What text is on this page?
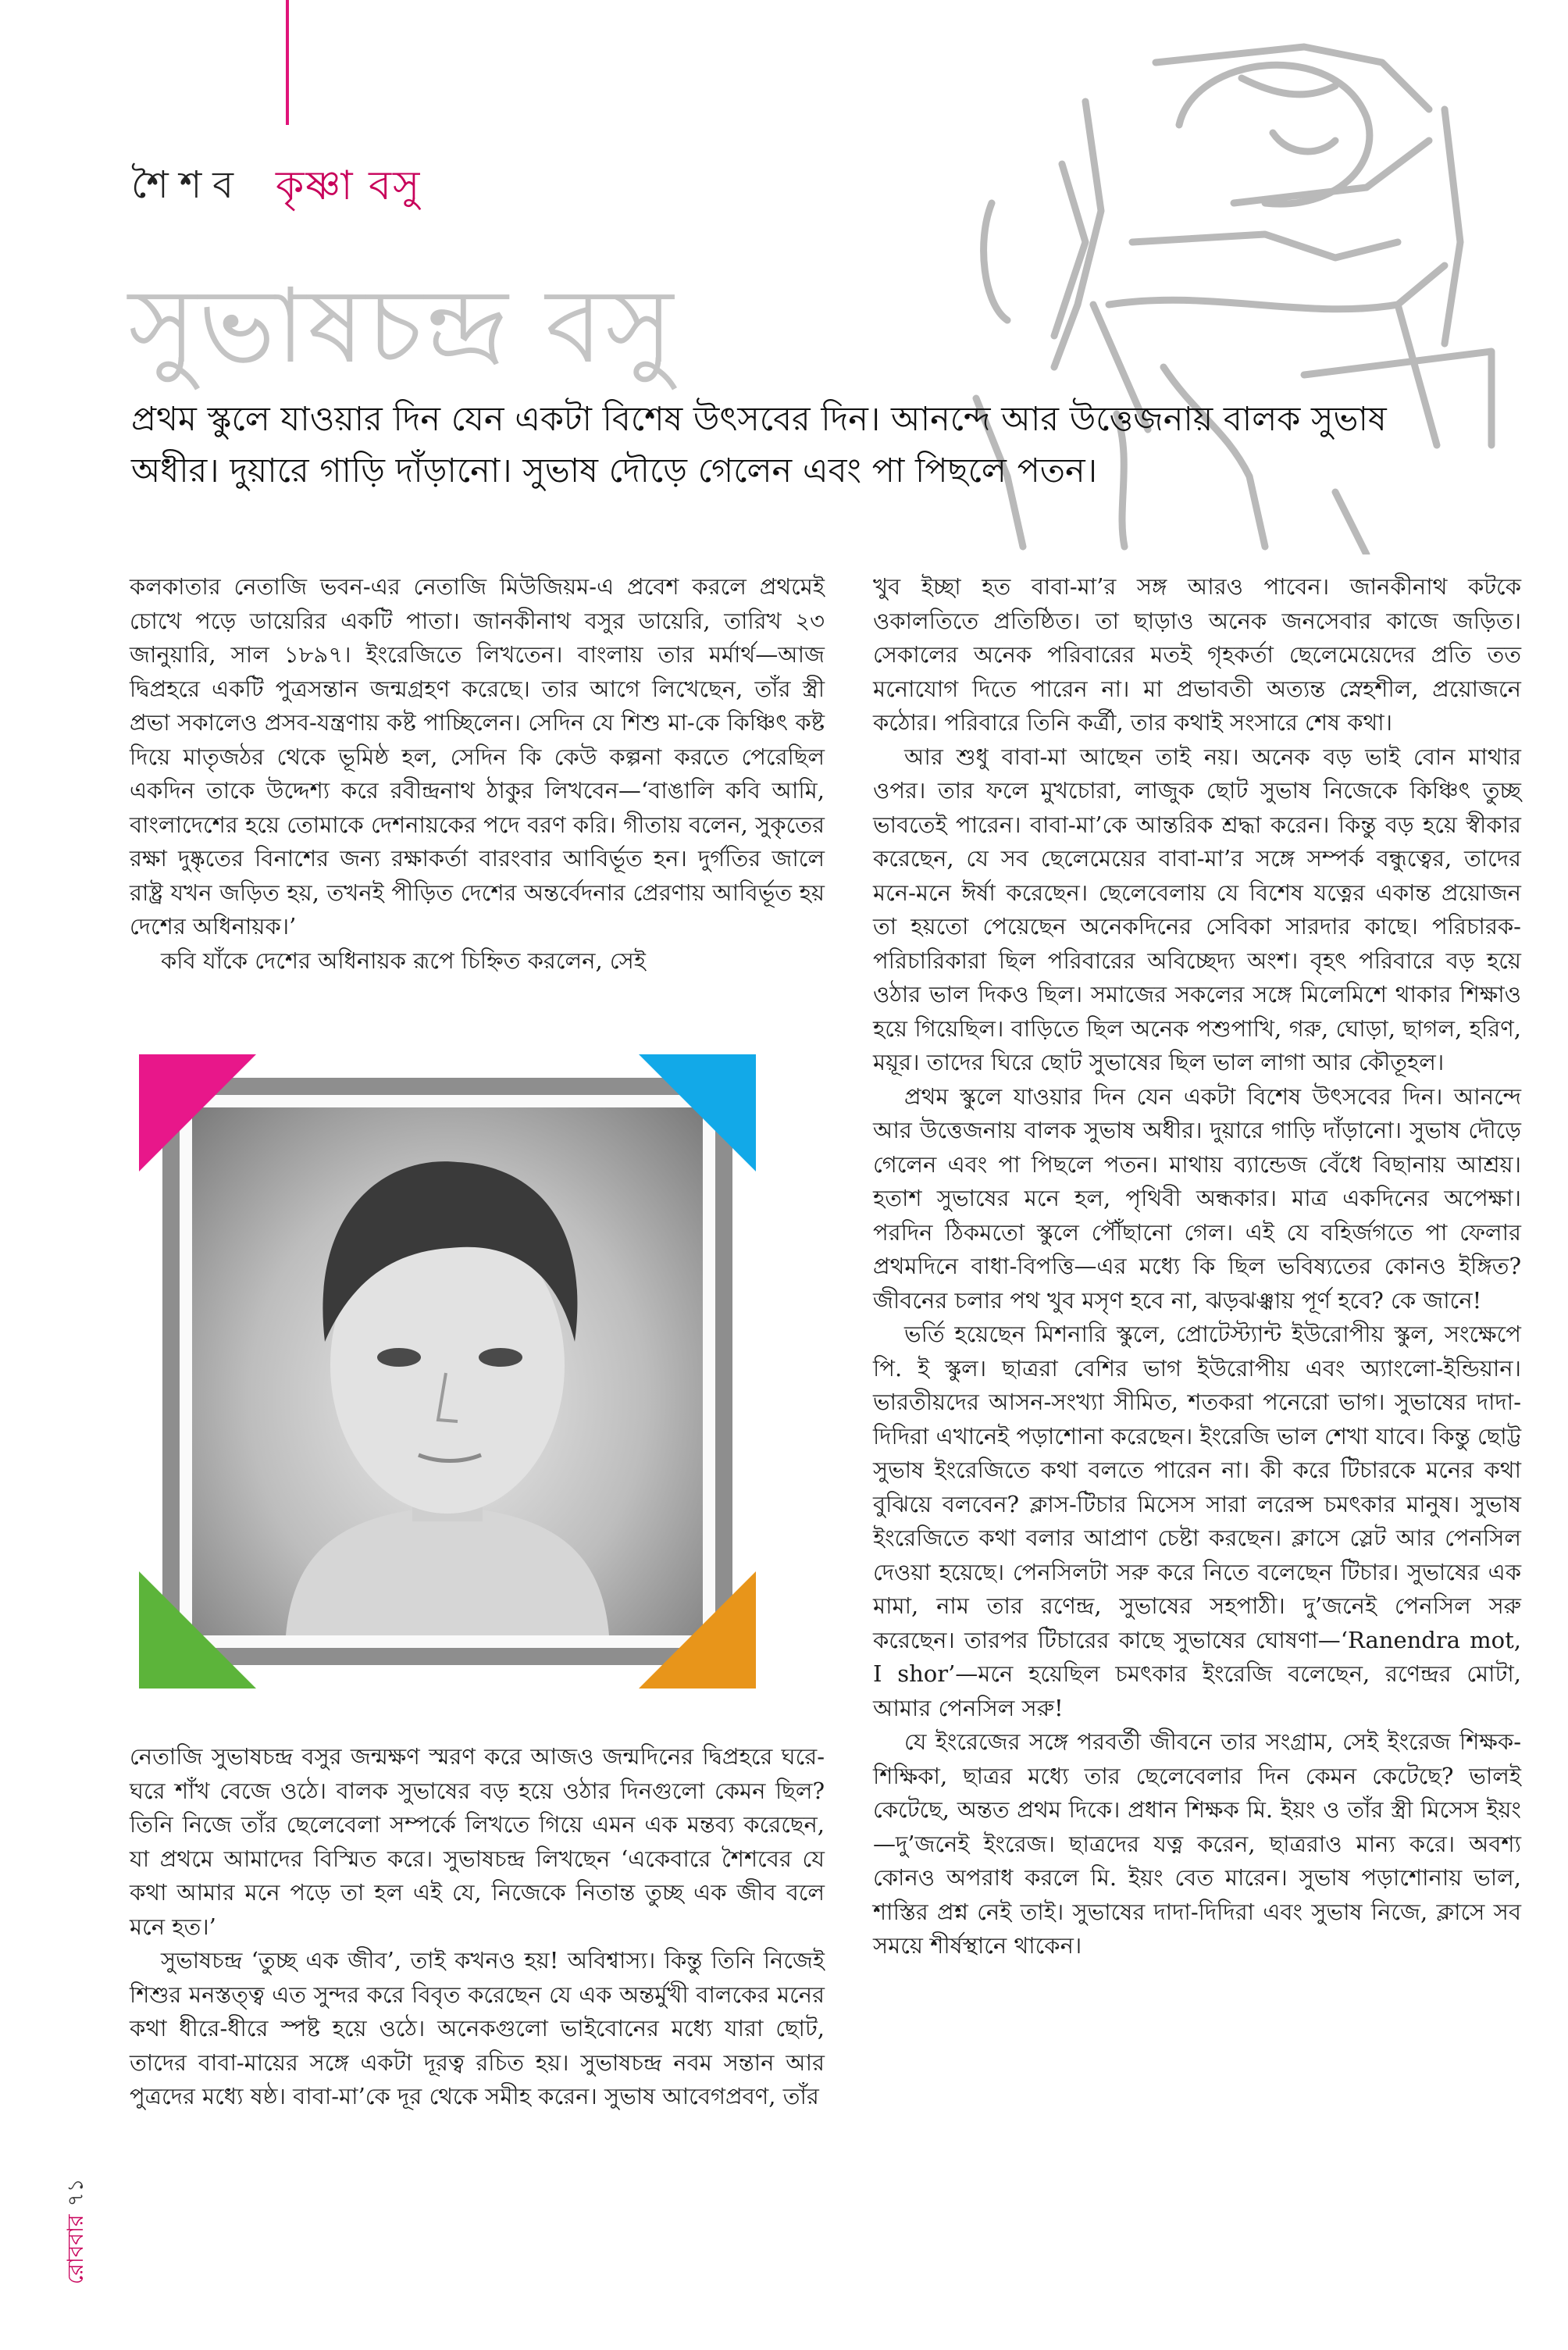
শৈশব কৃষ্ণা বসু
সুভাষচন্দ্র বসু

প্রথম স্কুলে যাওয়ার দিন যেন একটা বিশেষ উৎসবের দিন। আনন্দে আর উত্তেজনায় বালক সুভাষ অধীর। দুয়ারে গাড়ি দাঁড়ানো। সুভাষ দৌড়ে গেলেন এবং পা পিছলে পতন।

কলকাতার নেতাজি ভবন-এর নেতাজি মিউজিয়ম-এ প্রবেশ করলে প্রথমেই চোখে পড়ে ডায়েরির একটি পাতা। জানকীনাথ বসুর ডায়েরি, তারিখ ২৩ জানুয়ারি, সাল ১৮৯৭। ইংরেজিতে লিখতেন। বাংলায় তার মর্মার্থ—আজ দ্বিপ্রহরে একটি পুত্রসন্তান জন্মগ্রহণ করেছে। তার আগে লিখেছেন, তাঁর স্ত্রী প্রভা সকালেও প্রসব-যন্ত্রণায় কষ্ট পাচ্ছিলেন। সেদিন যে শিশু মা-কে কিঞ্চিৎ কষ্ট দিয়ে মাতৃজঠর থেকে ভূমিষ্ঠ হল, সেদিন কি কেউ কল্পনা করতে পেরেছিল একদিন তাকে উদ্দেশ্য করে রবীন্দ্রনাথ ঠাকুর লিখবেন—‘বাঙালি কবি আমি, বাংলাদেশের হয়ে তোমাকে দেশনায়কের পদে বরণ করি। গীতায় বলেন, সুকৃতের রক্ষা দুষ্কৃতের বিনাশের জন্য রক্ষাকর্তা বারংবার আবির্ভূত হন। দুর্গতির জালে রাষ্ট্র যখন জড়িত হয়, তখনই পীড়িত দেশের অন্তর্বেদনার প্রেরণায় আবির্ভূত হয় দেশের অধিনায়ক।’

কবি যাঁকে দেশের অধিনায়ক রূপে চিহ্নিত করলেন, সেই

নেতাজি সুভাষচন্দ্র বসুর জন্মক্ষণ স্মরণ করে আজও জন্মদিনের দ্বিপ্রহরে ঘরে-ঘরে শাঁখ বেজে ওঠে। বালক সুভাষের বড় হয়ে ওঠার দিনগুলো কেমন ছিল? তিনি নিজে তাঁর ছেলেবেলা সম্পর্কে লিখতে গিয়ে এমন এক মন্তব্য করেছেন, যা প্রথমে আমাদের বিস্মিত করে। সুভাষচন্দ্র লিখছেন ‘একেবারে শৈশবের যে কথা আমার মনে পড়ে তা হল এই যে, নিজেকে নিতান্ত তুচ্ছ এক জীব বলে মনে হত।’

সুভাষচন্দ্র ‘তুচ্ছ এক জীব’, তাই কখনও হয়! অবিশ্বাস্য। কিন্তু তিনি নিজেই শিশুর মনস্তত্ত্ব এত সুন্দর করে বিবৃত করেছেন যে এক অন্তর্মুখী বালকের মনের কথা ধীরে-ধীরে স্পষ্ট হয়ে ওঠে। অনেকগুলো ভাইবোনের মধ্যে যারা ছোট, তাদের বাবা-মায়ের সঙ্গে একটা দূরত্ব রচিত হয়। সুভাষচন্দ্র নবম সন্তান আর পুত্রদের মধ্যে ষষ্ঠ। বাবা-মা’কে দূর থেকে সমীহ করেন। সুভাষ আবেগপ্রবণ, তাঁর

খুব ইচ্ছা হত বাবা-মা’র সঙ্গ আরও পাবেন। জানকীনাথ কটকে ওকালতিতে প্রতিষ্ঠিত। তা ছাড়াও অনেক জনসেবার কাজে জড়িত। সেকালের অনেক পরিবারের মতই গৃহকর্তা ছেলেমেয়েদের প্রতি তত মনোযোগ দিতে পারেন না। মা প্রভাবতী অত্যন্ত স্নেহশীল, প্রয়োজনে কঠোর। পরিবারে তিনি কর্ত্রী, তার কথাই সংসারে শেষ কথা।

আর শুধু বাবা-মা আছেন তাই নয়। অনেক বড় ভাই বোন মাথার ওপর। তার ফলে মুখচোরা, লাজুক ছোট সুভাষ নিজেকে কিঞ্চিৎ তুচ্ছ ভাবতেই পারেন। বাবা-মা’কে আন্তরিক শ্রদ্ধা করেন। কিন্তু বড় হয়ে স্বীকার করেছেন, যে সব ছেলেমেয়ের বাবা-মা’র সঙ্গে সম্পর্ক বন্ধুত্বের, তাদের মনে-মনে ঈর্ষা করেছেন। ছেলেবেলায় যে বিশেষ যত্নের একান্ত প্রয়োজন তা হয়তো পেয়েছেন অনেকদিনের সেবিকা সারদার কাছে। পরিচারক-পরিচারিকারা ছিল পরিবারের অবিচ্ছেদ্য অংশ। বৃহৎ পরিবারে বড় হয়ে ওঠার ভাল দিকও ছিল। সমাজের সকলের সঙ্গে মিলেমিশে থাকার শিক্ষাও হয়ে গিয়েছিল। বাড়িতে ছিল অনেক পশুপাখি, গরু, ঘোড়া, ছাগল, হরিণ, ময়ূর। তাদের ঘিরে ছোট সুভাষের ছিল ভাল লাগা আর কৌতূহল।

প্রথম স্কুলে যাওয়ার দিন যেন একটা বিশেষ উৎসবের দিন। আনন্দে আর উত্তেজনায় বালক সুভাষ অধীর। দুয়ারে গাড়ি দাঁড়ানো। সুভাষ দৌড়ে গেলেন এবং পা পিছলে পতন। মাথায় ব্যান্ডেজ বেঁধে বিছানায় আশ্রয়। হতাশ সুভাষের মনে হল, পৃথিবী অন্ধকার। মাত্র একদিনের অপেক্ষা। পরদিন ঠিকমতো স্কুলে পৌঁছানো গেল। এই যে বহির্জগতে পা ফেলার প্রথমদিনে বাধা-বিপত্তি—এর মধ্যে কি ছিল ভবিষ্যতের কোনও ইঙ্গিত? জীবনের চলার পথ খুব মসৃণ হবে না, ঝড়ঝঞ্ঝায় পূর্ণ হবে? কে জানে!

ভর্তি হয়েছেন মিশনারি স্কুলে, প্রোটেস্ট্যান্ট ইউরোপীয় স্কুল, সংক্ষেপে পি. ই স্কুল। ছাত্ররা বেশির ভাগ ইউরোপীয় এবং অ্যাংলো-ইন্ডিয়ান। ভারতীয়দের আসন-সংখ্যা সীমিত, শতকরা পনেরো ভাগ। সুভাষের দাদা-দিদিরা এখানেই পড়াশোনা করেছেন। ইংরেজি ভাল শেখা যাবে। কিন্তু ছোট্ট সুভাষ ইংরেজিতে কথা বলতে পারেন না। কী করে টিচারকে মনের কথা বুঝিয়ে বলবেন? ক্লাস-টিচার মিসেস সারা লরেন্স চমৎকার মানুষ। সুভাষ ইংরেজিতে কথা বলার আপ্রাণ চেষ্টা করছেন। ক্লাসে স্লেট আর পেনসিল দেওয়া হয়েছে। পেনসিলটা সরু করে নিতে বলেছেন টিচার। সুভাষের এক মামা, নাম তার রণেন্দ্র, সুভাষের সহপাঠী। দু’জনেই পেনসিল সরু করেছেন। তারপর টিচারের কাছে সুভাষের ঘোষণা—‘Ranendra mot, I shor’—মনে হয়েছিল চমৎকার ইংরেজি বলেছেন, রণেন্দ্রর মোটা, আমার পেনসিল সরু!

যে ইংরেজের সঙ্গে পরবর্তী জীবনে তার সংগ্রাম, সেই ইংরেজ শিক্ষক-শিক্ষিকা, ছাত্রর মধ্যে তার ছেলেবেলার দিন কেমন কেটেছে? ভালই কেটেছে, অন্তত প্রথম দিকে। প্রধান শিক্ষক মি. ইয়ং ও তাঁর স্ত্রী মিসেস ইয়ং—দু’জনেই ইংরেজ। ছাত্রদের যত্ন করেন, ছাত্ররাও মান্য করে। অবশ্য কোনও অপরাধ করলে মি. ইয়ং বেত মারেন। সুভাষ পড়াশোনায় ভাল, শাস্তির প্রশ্ন নেই তাই। সুভাষের দাদা-দিদিরা এবং সুভাষ নিজে, ক্লাসে সব সময়ে শীর্ষস্থানে থাকেন।

রোববার
৭১
